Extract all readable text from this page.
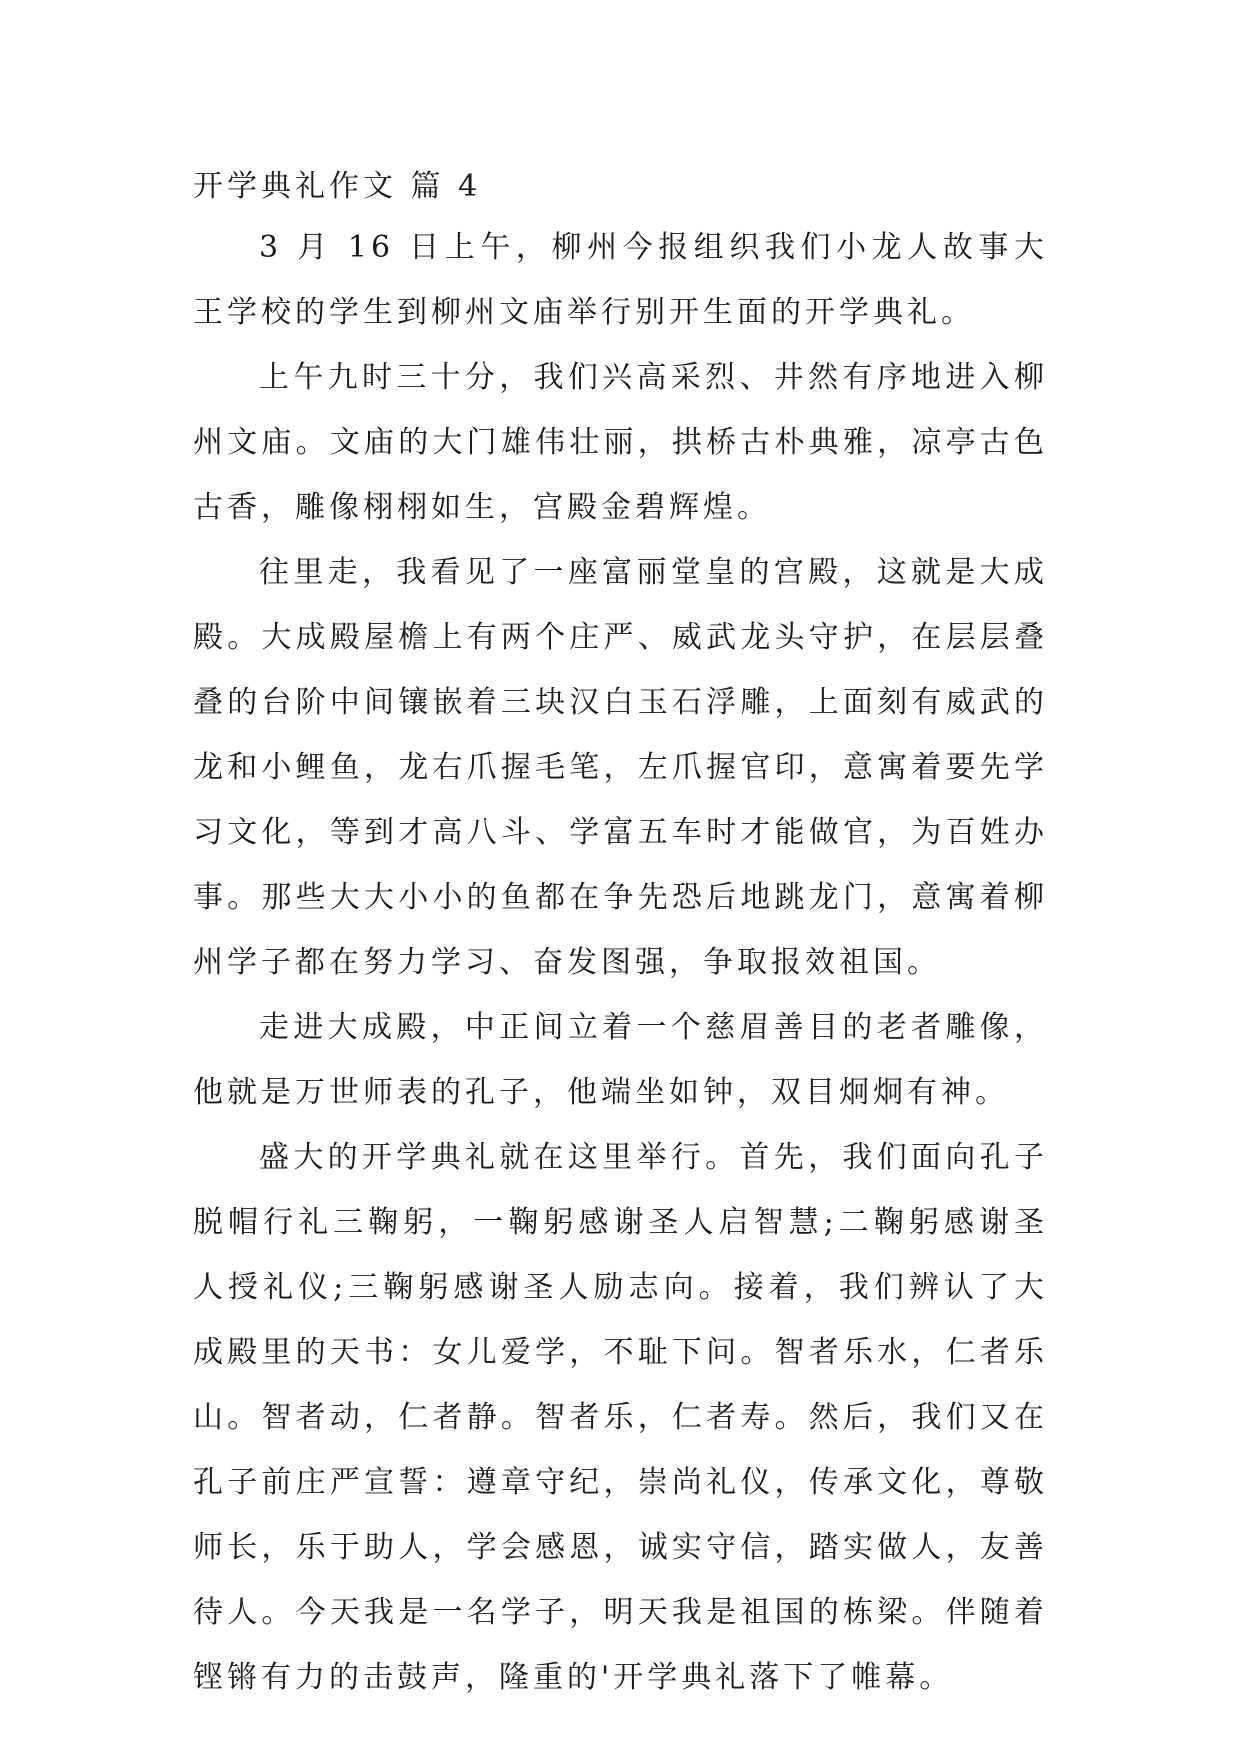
开学典礼作文 篇 4

3 月 16 日上午，柳州今报组织我们小龙人故事大王学校的学生到柳州文庙举行别开生面的开学典礼。

上午九时三十分，我们兴高采烈、井然有序地进入柳州文庙。文庙的大门雄伟壮丽，拱桥古朴典雅，凉亭古色古香，雕像栩栩如生，宫殿金碧辉煌。

往里走，我看见了一座富丽堂皇的宫殿，这就是大成殿。大成殿屋檐上有两个庄严、威武龙头守护，在层层叠叠的台阶中间镶嵌着三块汉白玉石浮雕，上面刻有威武的龙和小鲤鱼，龙右爪握毛笔，左爪握官印，意寓着要先学习文化，等到才高八斗、学富五车时才能做官，为百姓办事。那些大大小小的鱼都在争先恐后地跳龙门，意寓着柳州学子都在努力学习、奋发图强，争取报效祖国。

走进大成殿，中正间立着一个慈眉善目的老者雕像，他就是万世师表的孔子，他端坐如钟，双目炯炯有神。

盛大的开学典礼就在这里举行。首先，我们面向孔子脱帽行礼三鞠躬，一鞠躬感谢圣人启智慧;二鞠躬感谢圣人授礼仪;三鞠躬感谢圣人励志向。接着，我们辨认了大成殿里的天书：女儿爱学，不耻下问。智者乐水，仁者乐山。智者动，仁者静。智者乐，仁者寿。然后，我们又在孔子前庄严宣誓：遵章守纪，崇尚礼仪，传承文化，尊敬师长，乐于助人，学会感恩，诚实守信，踏实做人，友善待人。今天我是一名学子，明天我是祖国的栋梁。伴随着铿锵有力的击鼓声，隆重的'开学典礼落下了帷幕。
